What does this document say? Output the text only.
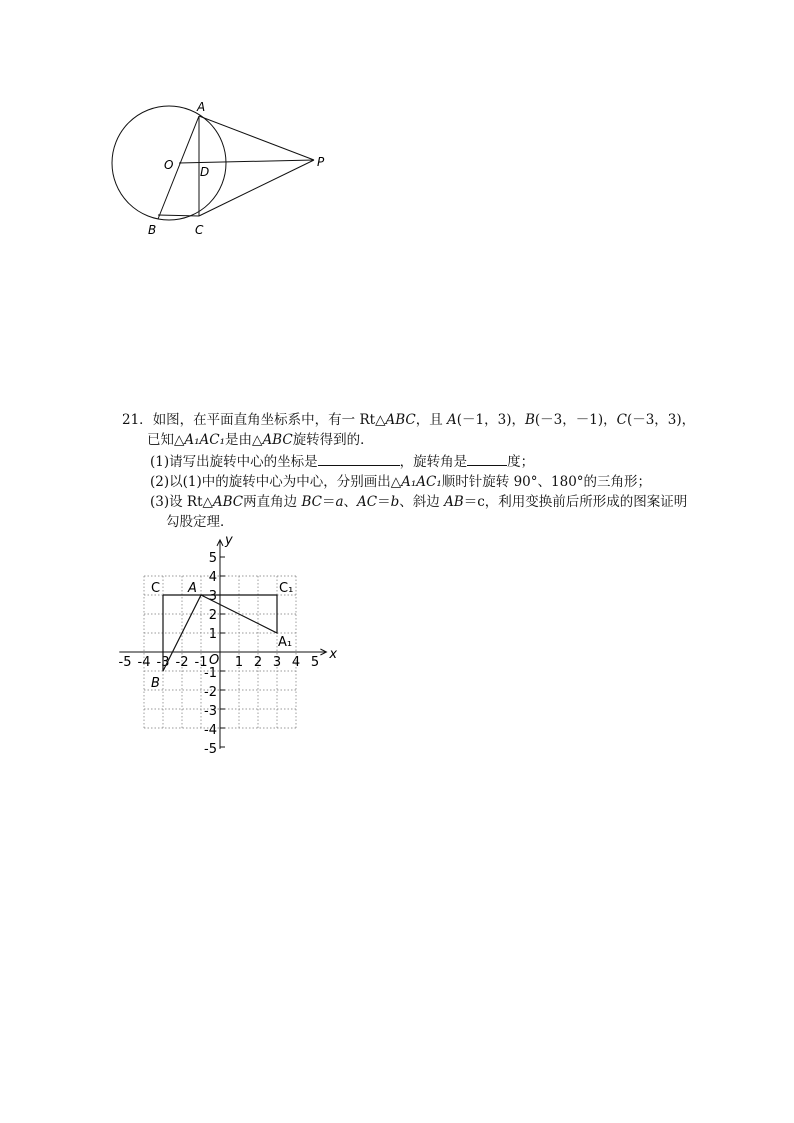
A
O D
P
B	C
21．如图，在平面直角坐标系中，有一 Rt△ABC，且 A(－1，3)，B(－3，－1)，C(－3，3)，
已知△A₁AC₁是由△ABC旋转得到的．
(1)请写出旋转中心的坐标是	，旋转角是	度；
(2)以(1)中的旋转中心为中心，分别画出△A₁AC₁顺时针旋转 90°、180°的三角形；
(3)设 Rt△ABC两直角边 BC＝a、AC＝b、斜边 AB＝c，利用变换前后所形成的图案证明
勾股定理．
-5 -4 -3 -2 -1 1 2 3 4 5
1
2
3
4
5
-1
-2
-3
-4
-5
O	x
y
C A	C₁
A₁
B
